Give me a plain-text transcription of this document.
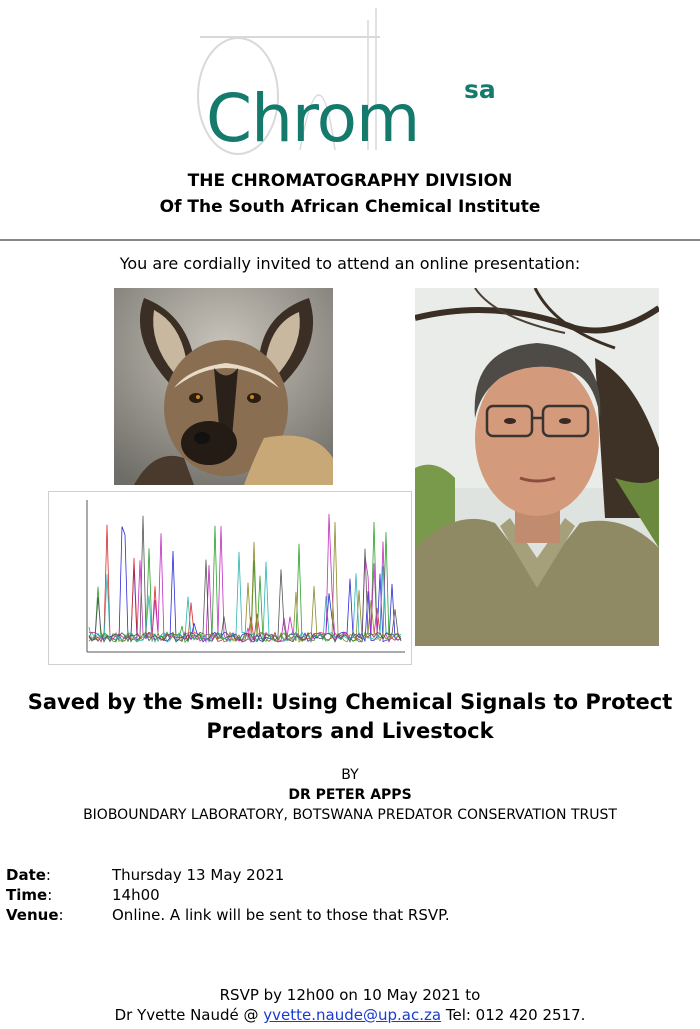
Chrom sa
THE CHROMATOGRAPHY DIVISION
Of The South African Chemical Institute
You are cordially invited to attend an online presentation:
Saved by the Smell: Using Chemical Signals to Protect
Predators and Livestock
BY
DR PETER APPS
BIOBOUNDARY LABORATORY, BOTSWANA PREDATOR CONSERVATION TRUST
Date:	Thursday 13 May 2021
Time:	14h00
Venue:	Online. A link will be sent to those that RSVP.
RSVP by 12h00 on 10 May 2021 to
Dr Yvette Naudé @ yvette.naude@up.ac.za Tel: 012 420 2517.
